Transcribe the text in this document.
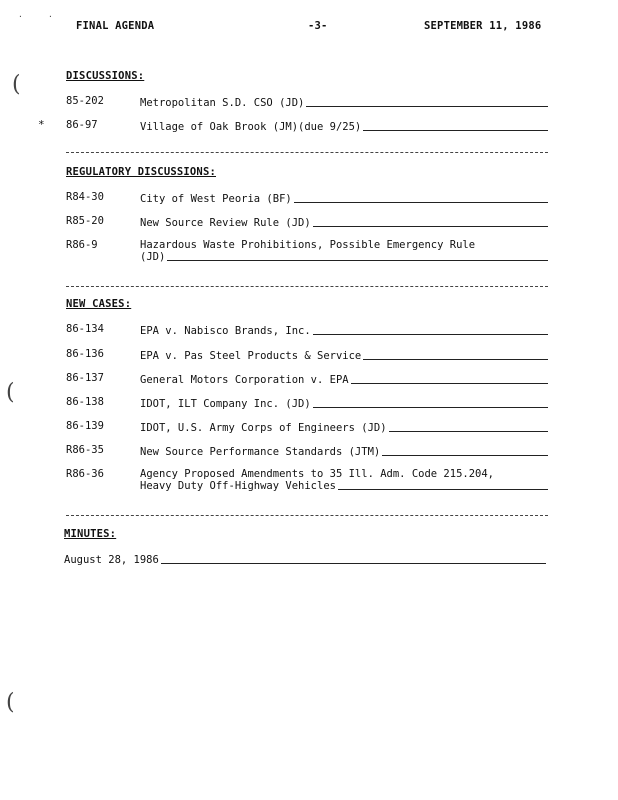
FINAL AGENDA	-3-	SEPTEMBER 11, 1986
·	·
(
(
(
DISCUSSIONS:
85-202	Metropolitan S.D. CSO (JD)
* 86-97	Village of Oak Brook (JM)(due 9/25)
REGULATORY DISCUSSIONS:
R84-30	City of West Peoria (BF)
R85-20	New Source Review Rule (JD)
R86-9	Hazardous Waste Prohibitions, Possible Emergency Rule
(JD)
NEW CASES:
86-134	EPA v. Nabisco Brands, Inc.
86-136	EPA v. Pas Steel Products & Service
86-137	General Motors Corporation v. EPA
86-138	IDOT, ILT Company Inc. (JD)
86-139	IDOT, U.S. Army Corps of Engineers (JD)
R86-35	New Source Performance Standards (JTM)
R86-36	Agency Proposed Amendments to 35 Ill. Adm. Code 215.204,
Heavy Duty Off-Highway Vehicles
MINUTES:
August 28, 1986
